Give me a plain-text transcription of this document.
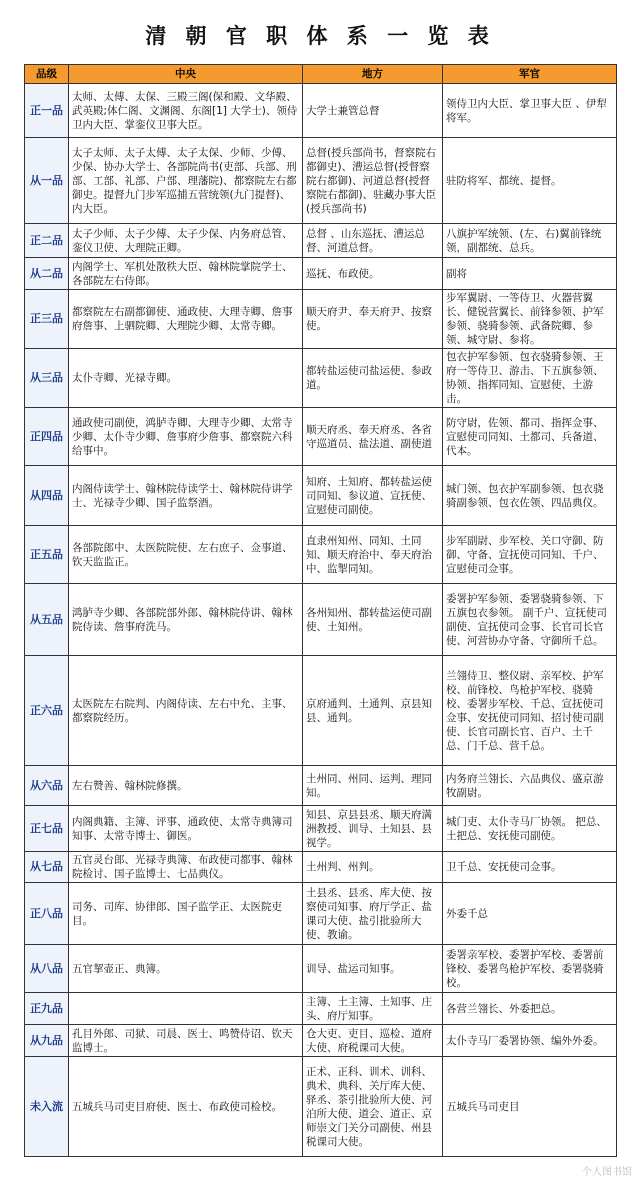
清 朝 官 职 体 系 一 览 表
品级	中央	地方	军官
正一品	太师、太傅、太保、三殿三阁(保和殿、文华殿、武英殿;体仁阁、文渊阁、东阁[1] 大学士)、领侍卫内大臣、掌銮仪卫事大臣。	大学士兼管总督	领侍卫内大臣、掌卫事大臣 、伊犁将军。
从一品	太子太师、太子太傅、太子太保、少师、少傅、少保、协办大学士、各部院尚书(吏部、兵部、刑部、工部、礼部、户部、理藩院)、都察院左右都御史。提督九门步军巡捕五营统领(九门提督)、内大臣。	总督(授兵部尚书，督察院右都御史)、漕运总督(授督察院右都御)、河道总督(授督察院右都御)、驻藏办事大臣(授兵部尚书)	驻防将军、都统、提督。
正二品	太子少师、太子少傅、太子少保、内务府总管、銮仪卫使、大理院正卿。	总督 、山东巡抚、漕运总督、河道总督。	八旗护军统领、(左、右)翼前锋统领，副都统、总兵。
从二品	内阁学士、军机处散秩大臣、翰林院掌院学士、各部院左右侍郎。	巡抚、布政使。	副将
正三品	都察院左右副都御使、通政使、大理寺卿、詹事府詹事、上驷院卿、大理院少卿、太常寺卿。	顺天府尹、奉天府尹、按察使。	步军翼尉、一等侍卫、火器营翼长、健锐营翼长、前锋参领、护军参领、骁骑参领、武备院卿、参领、城守尉、参将。
从三品	太仆寺卿、光禄寺卿。	都转盐运使司盐运使、参政道。	包衣护军参领、包衣骁骑参领、王府一等侍卫、游击、下五旗参领、协领、指挥同知、宣慰使、土游击。
正四品	通政使司副使，鸿胪寺卿、大理寺少卿、太常寺少卿、太仆寺少卿、詹事府少詹事、都察院六科给事中。	顺天府丞、奉天府丞、各省守巡道员、盐法道、副使道	防守尉，佐领、都司、指挥佥事、宣慰使司同知、土都司、兵备道、代本。
从四品	内阁侍读学士、翰林院侍读学士、翰林院侍讲学士、光禄寺少卿、国子监祭酒。	知府、土知府、都转盐运使司同知、参议道、宣抚使、宣慰使司副使。	城门领、包衣护军副参领、包衣骁骑副参领、包衣佐领、四品典仪。
正五品	各部院郎中、太医院院使、左右庶子、佥事道、钦天监监正。	直隶州知州、同知、土同知、顺天府治中、奉天府治中、监掣同知。	步军副尉、步军校、关口守御、防御、守备、宣抚使司同知、千户、宣慰使司佥事。
从五品	鸿胪寺少卿、各部院部外郎、翰林院侍讲、翰林院侍读、詹事府洗马。	各州知州、都转盐运使司副使、土知州。	委署护军参领、委署骁骑参领、下五旗包衣参领。 副千户、宣抚使司副使、宣抚使司佥事、长官司长官使、河营协办守备、守御所千总。
正六品	太医院左右院判、内阁侍读、左右中允、主事、都察院经历。	京府通判、土通判、京县知县、通判。	兰翎侍卫、整仪尉、亲军校、护军校、前锋校、鸟枪护军校、骁骑校、委署步军校、千总、宣抚使司佥事、安抚使司同知、招讨使司副使、长官司副长官、百户、土千总、门千总、营千总。
从六品	左右赞善、翰林院修撰。	土州同、州同、运判、理同知。	内务府兰翎长、六品典仪、盛京游牧副尉。
正七品	内阁典籍、主簿、评事、通政使、太常寺典簿司知事、太常寺博士、御医。	知县、京县县丞、顺天府满洲教授、训导、土知县、县视学。	城门吏、太仆寺马厂协领。 把总、土把总、安抚使司副使。
从七品	五官灵台郎、光禄寺典簿、布政使司都事、翰林院检讨、国子监博士、七品典仪。	土州判、州判。	卫千总、安抚使司佥事。
正八品	司务、司库、协律郎、国子监学正、太医院吏目。	土县丞、县丞、库大使、按察使司知事、府厅学正、盐课司大使、盐引批验所大使、教谕。	外委千总
从八品	五官挈壶正、典簿。	训导、盐运司知事。	委署亲军校、委署护军校、委署前锋校、委署鸟枪护军校、委署骁骑校。
正九品		主簿、土主簿、土知事、庄头、府厅知事。	各营兰翎长、外委把总。
从九品	孔目外郎、司狱、司晨、医士、鸣赞侍诏、钦天监博士。	仓大吏、吏目、巡检、道府大使、府税课司大使。	太仆寺马厂委署协领、编外外委。
未入流	五城兵马司吏目府使、医士、布政使司检校。	正术、正科、训术、训科、典术、典科、关厅库大使、驿丞、茶引批验所大使、河泊所大使、道会、道正、京师崇文门关分司副使、州县税课司大使。	五城兵马司吏目
个人图书馆
